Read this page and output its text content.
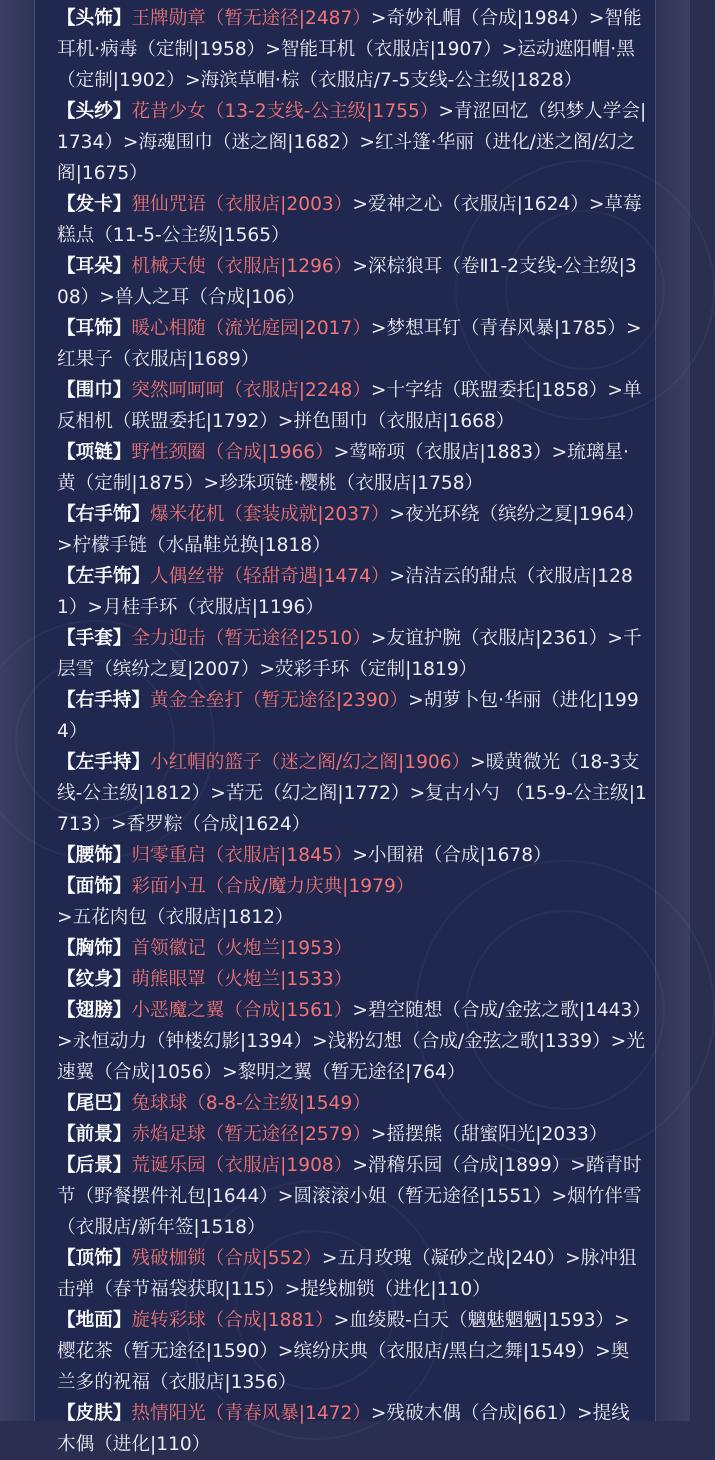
【头饰】王牌勋章（暂无途径|2487）>奇妙礼帽（合成|1984）>智能耳机·病毒（定制|1958）>智能耳机（衣服店|1907）>运动遮阳帽·黑（定制|1902）>海滨草帽·棕（衣服店/7-5支线-公主级|1828）

【头纱】花昔少女（13-2支线-公主级|1755）>青涩回忆（织梦人学会|1734）>海魂围巾（迷之阁|1682）>红斗篷·华丽（进化/迷之阁/幻之阁|1675）

【发卡】狸仙咒语（衣服店|2003）>爱神之心（衣服店|1624）>草莓糕点（11-5-公主级|1565）

【耳朵】机械天使（衣服店|1296）>深棕狼耳（卷Ⅱ1-2支线-公主级|308）>兽人之耳（合成|106）

【耳饰】暖心相随（流光庭园|2017）>梦想耳钉（青春风暴|1785）>红果子（衣服店|1689）

【围巾】突然呵呵呵（衣服店|2248）>十字结（联盟委托|1858）>单反相机（联盟委托|1792）>拼色围巾（衣服店|1668）

【项链】野性颈圈（合成|1966）>莺啼项（衣服店|1883）>琉璃星·黄（定制|1875）>珍珠项链·樱桃（衣服店|1758）

【右手饰】爆米花机（套装成就|2037）>夜光环绕（缤纷之夏|1964）>柠檬手链（水晶鞋兑换|1818）

【左手饰】人偶丝带（轻甜奇遇|1474）>洁洁云的甜点（衣服店|1281）>月桂手环（衣服店|1196）

【手套】全力迎击（暂无途径|2510）>友谊护腕（衣服店|2361）>千层雪（缤纷之夏|2007）>荧彩手环（定制|1819）

【右手持】黄金全垒打（暂无途径|2390）>胡萝卜包·华丽（进化|1994）

【左手持】小红帽的篮子（迷之阁/幻之阁|1906）>暖黄微光（18-3支线-公主级|1812）>苦无（幻之阁|1772）>复古小勺 （15-9-公主级|1713）>香罗粽（合成|1624）

【腰饰】归零重启（衣服店|1845）>小围裙（合成|1678）

【面饰】彩面小丑（合成/魔力庆典|1979）>五花肉包（衣服店|1812）

【胸饰】首领徽记（火炮兰|1953）

【纹身】萌熊眼罩（火炮兰|1533）

【翅膀】小恶魔之翼（合成|1561）>碧空随想（合成/金弦之歌|1443）>永恒动力（钟楼幻影|1394）>浅粉幻想（合成/金弦之歌|1339）>光速翼（合成|1056）>黎明之翼（暂无途径|764）

【尾巴】兔球球（8-8-公主级|1549）

【前景】赤焰足球（暂无途径|2579）>摇摆熊（甜蜜阳光|2033）

【后景】荒诞乐园（衣服店|1908）>滑稽乐园（合成|1899）>踏青时节（野餐摆件礼包|1644）>圆滚滚小姐（暂无途径|1551）>烟竹伴雪（衣服店/新年签|1518）

【顶饰】残破枷锁（合成|552）>五月玫瑰（凝砂之战|240）>脉冲狙击弹（春节福袋获取|115）>提线枷锁（进化|110）

【地面】旋转彩球（合成|1881）>血绫殿-白天（魑魅魍魉|1593）>樱花茶（暂无途径|1590）>缤纷庆典（衣服店/黑白之舞|1549）>奥兰多的祝福（衣服店|1356）

【皮肤】热情阳光（青春风暴|1472）>残破木偶（合成|661）>提线木偶（进化|110）
